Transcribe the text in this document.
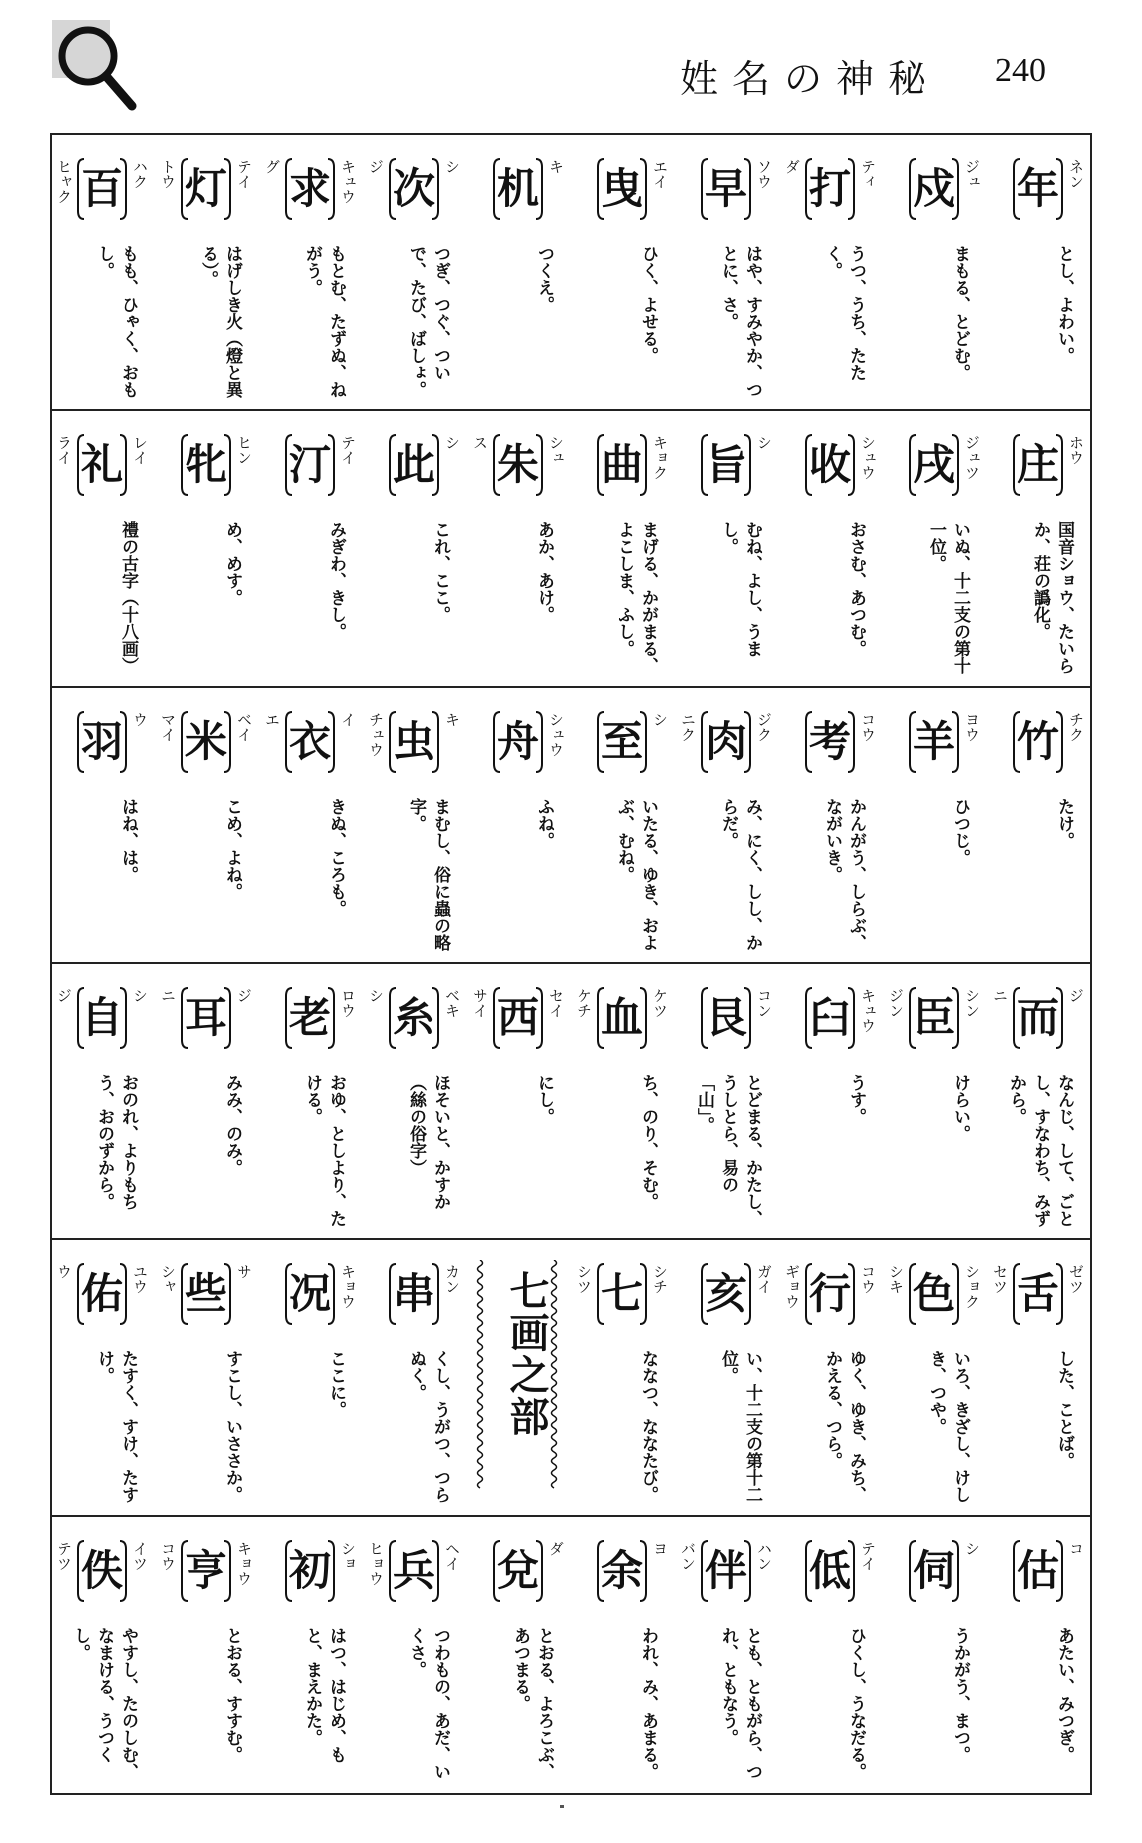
姓名の神秘 240
年 ネン
とし、よわい。
戍 ジュ
まもる、とどむ。
打 ティ
ダ
うつ、うち、たたく。
早 ソウ
はや、すみやか、つとに、さ。
曳 エイ
ひく、よせる。
机 キ
つくえ。
次 シ
ジ
つぎ、つぐ、ついで、たび、ばしょ。
求 キュウ
グ
もとむ、たずぬ、ねがう。
灯 テイ
トウ
はげしき火（燈と異る）。
百 ハク
ヒャク
もも、ひゃく、おもし。
庄 ホウ
国音ショウ、たいらか、荘の譌化。
戌 ジュツ
いぬ、十二支の第十一位。
收 シュウ
おさむ、あつむ。
旨 シ
むね、よし、うまし。
曲 キョク
まげる、かがまる、よこしま、ふし。
朱 シュ
ス
あか、あけ。
此 シ
これ、ここ。
汀 テイ
みぎわ、きし。
牝 ヒン
め、めす。
礼 レイ
ライ
禮の古字（十八画）
竹 チク
たけ。
羊 ヨウ
ひつじ。
考 コウ
かんがう、しらぶ、ながいき。
肉 ジク
ニク
み、にく、しし、からだ。
至 シ
いたる、ゆき、およぶ、むね。
舟 シュウ
ふね。
虫 キ
チュウ
まむし、俗に蟲の略字。
衣 イ
エ
きぬ、ころも。
米 ベイ
マイ
こめ、よね。
羽 ウ
はね、は。
而 ジ
ニ
なんじ、して、ごとし、すなわち、みずから。
臣 シン
ジン
けらい。
臼 キュウ
うす。
艮 コン
とどまる、かたし、うしとら、易の「山」。
血 ケツ
ケチ
ち、のり、そむ。
西 セイ
サイ
にし。
糸 ベキ
シ
ほそいと、かすか（絲の俗字）
老 ロウ
おゆ、としより、たける。
耳 ジ
ニ
みみ、のみ。
自 シ
ジ
おのれ、よりもちう、おのずから。
舌 ゼツ
セツ
した、ことば。
色 ショク
シキ
いろ、きざし、けしき、つや。
行 コウ
ギョウ
ゆく、ゆき、みち、かえる、つら。
亥 ガイ
い、十二支の第十二位。
七 シチ
シツ
ななつ、ななたび。
七画之部
串 カン
くし、うがつ、つらぬく。
况 キョウ
ここに。
些 サ
シャ
すこし、いささか。
佑 ユウ
ウ
たすく、すけ、たすけ。
估 コ
あたい、みつぎ。
伺 シ
うかがう、まつ。
低 テイ
ひくし、うなだる。
伴 ハン
バン
とも、ともがら、つれ、ともなう。
余 ヨ
われ、み、あまる。
兌 ダ
とおる、よろこぶ、あつまる。
兵 ヘイ
ヒョウ
つわもの、あだ、いくさ。
初 ショ
はつ、はじめ、もと、まえかた。
亨 キョウ
コウ
とおる、すすむ。
佚 イツ
テツ
やすし、たのしむ、なまける、うつくし。
